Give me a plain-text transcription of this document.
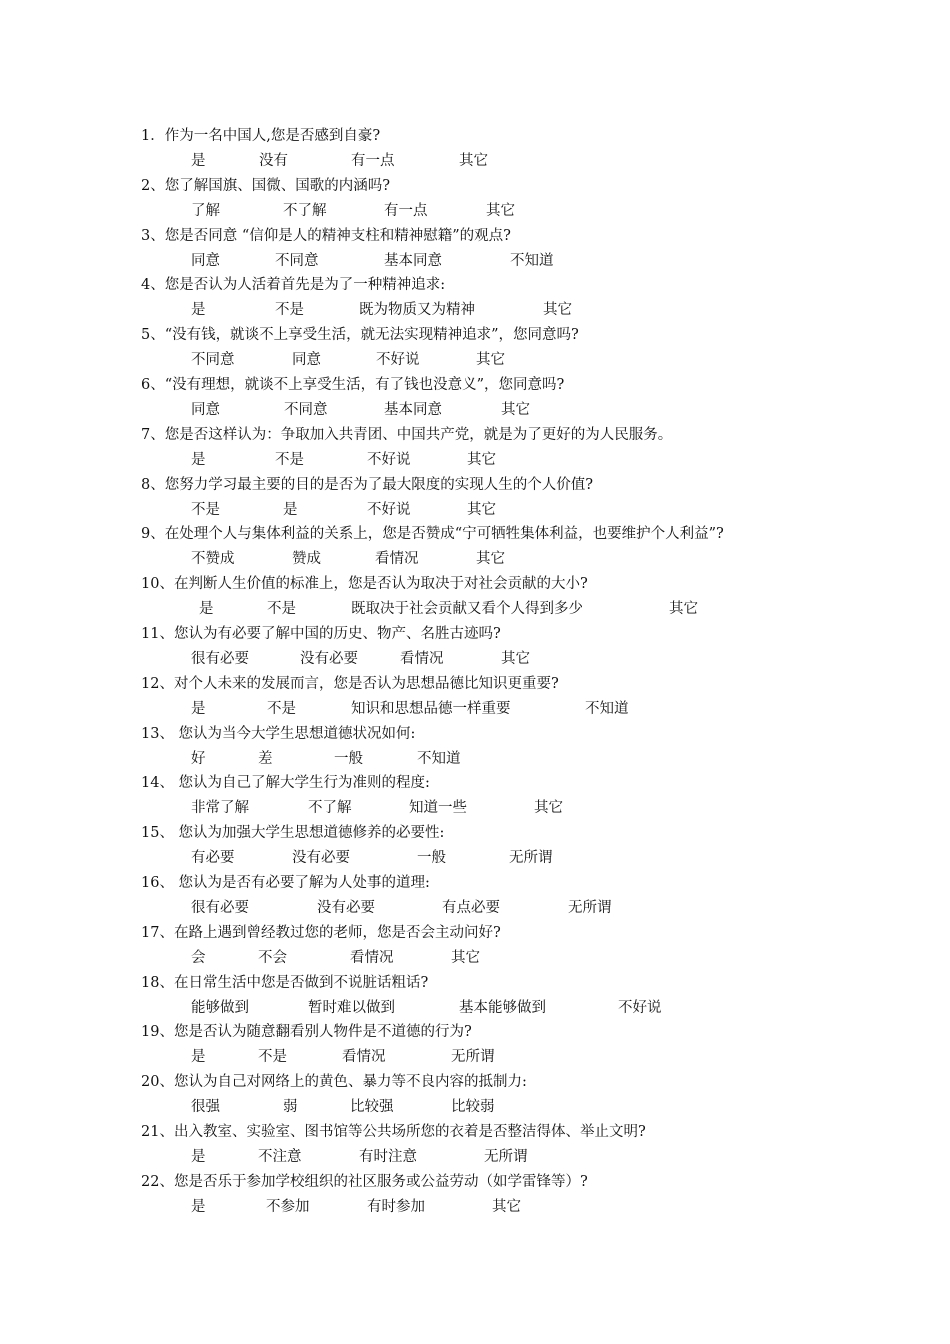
1．作为一名中国人,您是否感到自豪?
是	没有	有一点	其它
2、您了解国旗、国微、国歌的内涵吗?
了解	不了解	有一点	其它
3、您是否同意 “信仰是人的精神支柱和精神慰籍”的观点?
同意	不同意	基本同意	不知道
4、您是否认为人活着首先是为了一种精神追求:
是	不是	既为物质又为精神	其它
5、“没有钱，就谈不上享受生活，就无法实现精神追求”，您同意吗?
不同意	同意	不好说	其它
6、“没有理想，就谈不上享受生活，有了钱也没意义”，您同意吗?
同意	不同意	基本同意	其它
7、您是否这样认为：争取加入共青团、中国共产党，就是为了更好的为人民服务。
是	不是	不好说	其它
8、您努力学习最主要的目的是否为了最大限度的实现人生的个人价值?
不是	是	不好说	其它
9、在处理个人与集体利益的关系上，您是否赞成“宁可牺牲集体利益，也要维护个人利益”?
不赞成	赞成	看情况	其它
10、在判断人生价值的标准上，您是否认为取决于对社会贡献的大小?
是	不是	既取决于社会贡献又看个人得到多少	其它
11、您认为有必要了解中国的历史、物产、名胜古迹吗?
很有必要	没有必要	看情况	其它
12、对个人未来的发展而言，您是否认为思想品德比知识更重要?
是	不是	知识和思想品德一样重要	不知道
13、 您认为当今大学生思想道德状况如何:
好	差	一般	不知道
14、 您认为自己了解大学生行为准则的程度:
非常了解	不了解	知道一些	其它
15、 您认为加强大学生思想道德修养的必要性:
有必要	没有必要	一般	无所谓
16、 您认为是否有必要了解为人处事的道理:
很有必要	没有必要	有点必要	无所谓
17、在路上遇到曾经教过您的老师，您是否会主动问好?
会	不会	看情况	其它
18、在日常生活中您是否做到不说脏话粗话?
能够做到	暂时难以做到	基本能够做到	不好说
19、您是否认为随意翻看别人物件是不道德的行为?
是	不是	看情况	无所谓
20、您认为自己对网络上的黄色、暴力等不良内容的抵制力:
很强	弱	比较强	比较弱
21、出入教室、实验室、图书馆等公共场所您的衣着是否整洁得体、举止文明?
是	不注意	有时注意	无所谓
22、您是否乐于参加学校组织的社区服务或公益劳动（如学雷锋等）?
是	不参加	有时参加	其它
